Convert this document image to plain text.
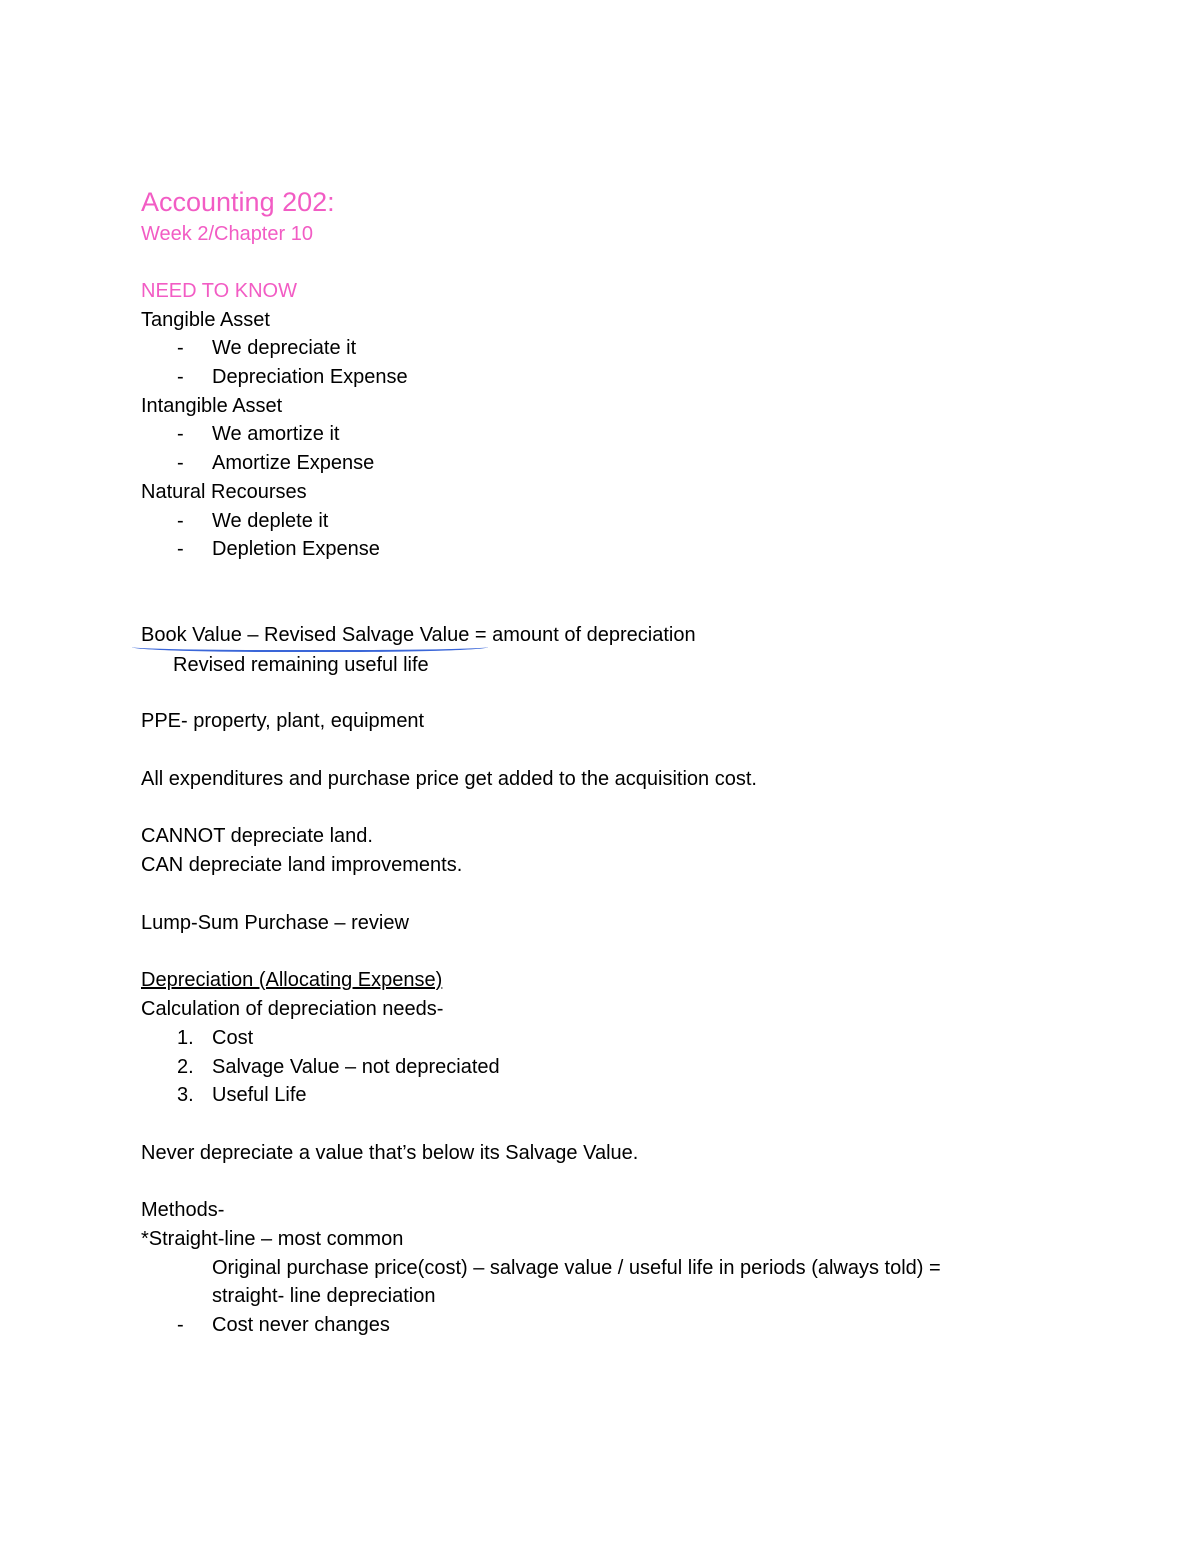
Accounting 202:
Week 2/Chapter 10
NEED TO KNOW
Tangible Asset
-	We depreciate it
-	Depreciation Expense
Intangible Asset
-	We amortize it
-	Amortize Expense
Natural Recourses
-	We deplete it
-	Depletion Expense
Book Value – Revised Salvage Value = amount of depreciation
Revised remaining useful life
PPE- property, plant, equipment
All expenditures and purchase price get added to the acquisition cost.
CANNOT depreciate land.
CAN depreciate land improvements.
Lump-Sum Purchase – review
Depreciation (Allocating Expense)
Calculation of depreciation needs-
1. Cost
2. Salvage Value – not depreciated
3. Useful Life
Never depreciate a value that’s below its Salvage Value.
Methods-
*Straight-line – most common
Original purchase price(cost) – salvage value / useful life in periods (always told) =
straight- line depreciation
-	Cost never changes
